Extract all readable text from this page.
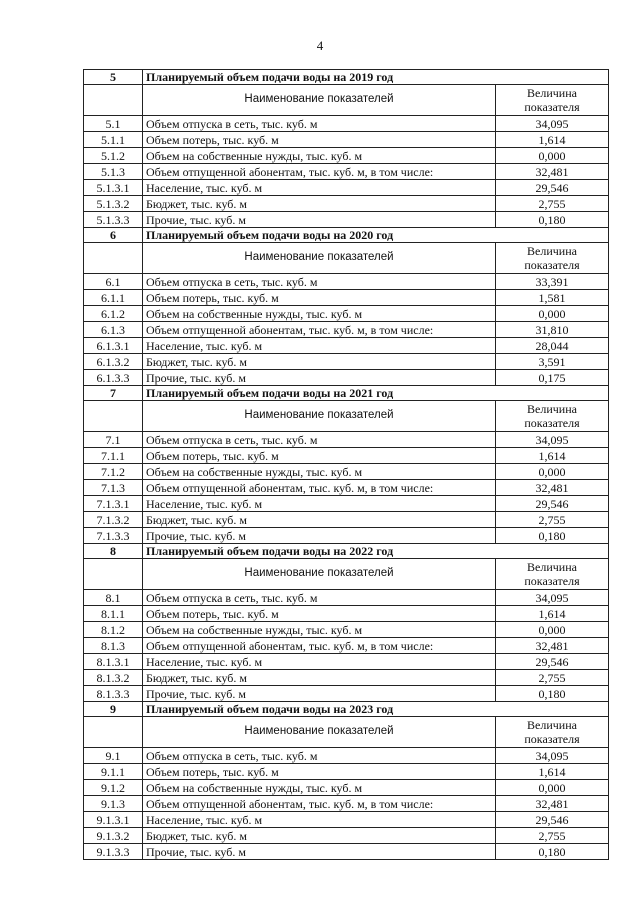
4
5	Планируемый объем подачи воды на 2019 год	
	Наименование показателей	Величина
показателя

5.1	Объем отпуска в сеть, тыс. куб. м	34,095
5.1.1	Объем потерь, тыс. куб. м	1,614
5.1.2	Объем на собственные нужды, тыс. куб. м	0,000
5.1.3	Объем отпущенной абонентам, тыс. куб. м, в том числе:	32,481
5.1.3.1	Население, тыс. куб. м	29,546
5.1.3.2	Бюджет, тыс. куб. м	2,755
5.1.3.3	Прочие, тыс. куб. м	0,180
6	Планируемый объем подачи воды на 2020 год	
	Наименование показателей	Величина
показателя

6.1	Объем отпуска в сеть, тыс. куб. м	33,391
6.1.1	Объем потерь, тыс. куб. м	1,581
6.1.2	Объем на собственные нужды, тыс. куб. м	0,000
6.1.3	Объем отпущенной абонентам, тыс. куб. м, в том числе:	31,810
6.1.3.1	Население, тыс. куб. м	28,044
6.1.3.2	Бюджет, тыс. куб. м	3,591
6.1.3.3	Прочие, тыс. куб. м	0,175
7	Планируемый объем подачи воды на 2021 год	
	Наименование показателей	Величина
показателя

7.1	Объем отпуска в сеть, тыс. куб. м	34,095
7.1.1	Объем потерь, тыс. куб. м	1,614
7.1.2	Объем на собственные нужды, тыс. куб. м	0,000
7.1.3	Объем отпущенной абонентам, тыс. куб. м, в том числе:	32,481
7.1.3.1	Население, тыс. куб. м	29,546
7.1.3.2	Бюджет, тыс. куб. м	2,755
7.1.3.3	Прочие, тыс. куб. м	0,180
8	Планируемый объем подачи воды на 2022 год	
	Наименование показателей	Величина
показателя

8.1	Объем отпуска в сеть, тыс. куб. м	34,095
8.1.1	Объем потерь, тыс. куб. м	1,614
8.1.2	Объем на собственные нужды, тыс. куб. м	0,000
8.1.3	Объем отпущенной абонентам, тыс. куб. м, в том числе:	32,481
8.1.3.1	Население, тыс. куб. м	29,546
8.1.3.2	Бюджет, тыс. куб. м	2,755
8.1.3.3	Прочие, тыс. куб. м	0,180
9	Планируемый объем подачи воды на 2023 год	
	Наименование показателей	Величина
показателя

9.1	Объем отпуска в сеть, тыс. куб. м	34,095
9.1.1	Объем потерь, тыс. куб. м	1,614
9.1.2	Объем на собственные нужды, тыс. куб. м	0,000
9.1.3	Объем отпущенной абонентам, тыс. куб. м, в том числе:	32,481
9.1.3.1	Население, тыс. куб. м	29,546
9.1.3.2	Бюджет, тыс. куб. м	2,755
9.1.3.3	Прочие, тыс. куб. м	0,180
